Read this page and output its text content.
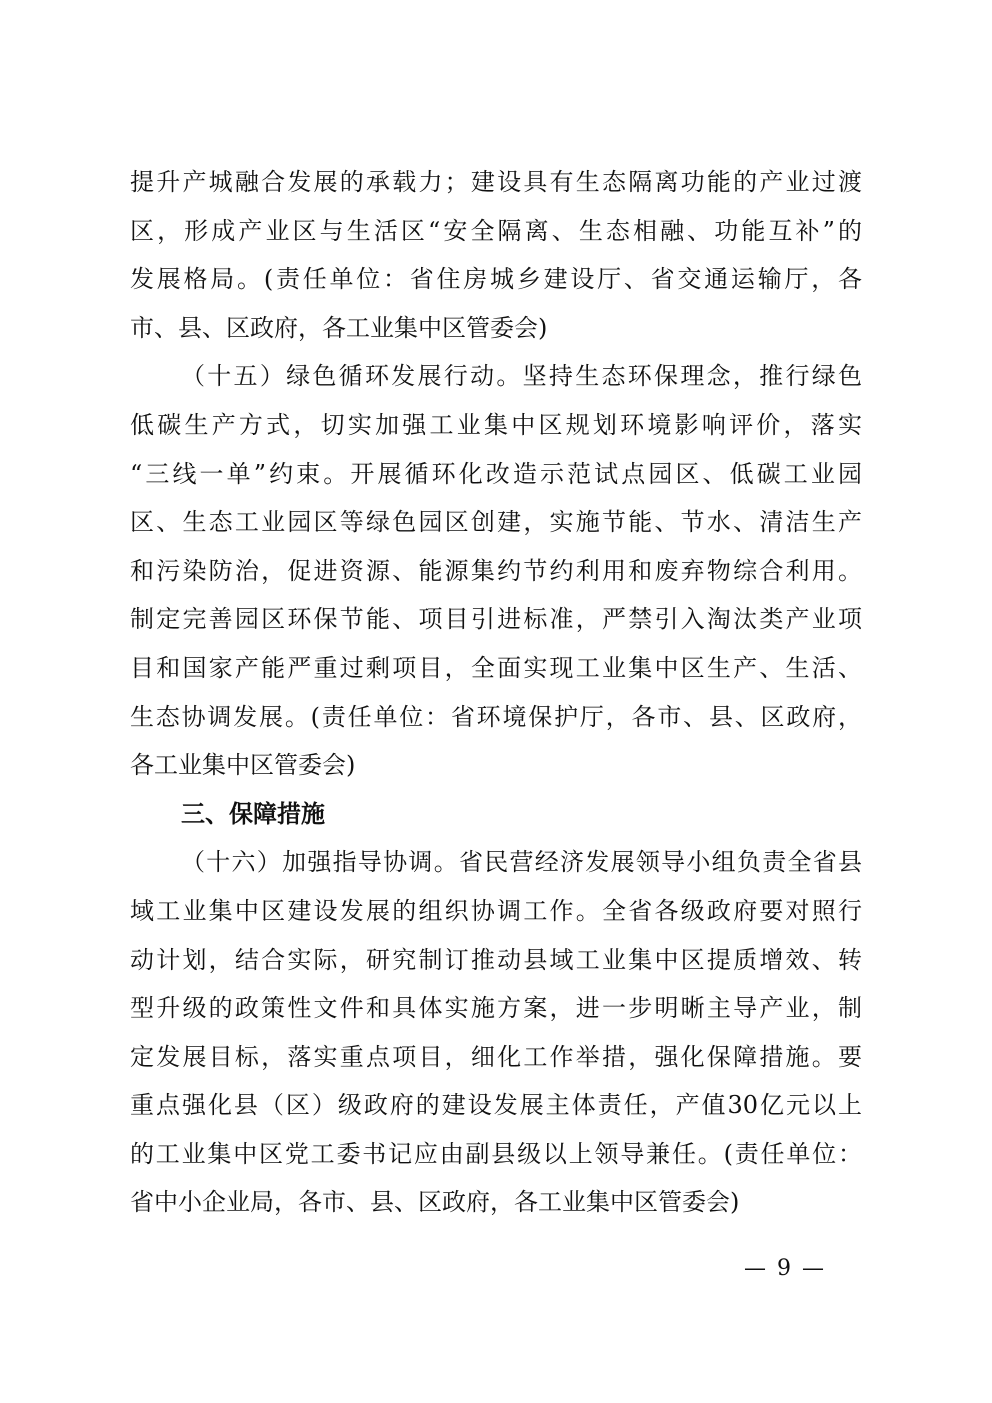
提升产城融合发展的承载力；建设具有生态隔离功能的产业过渡
区，形成产业区与生活区“安全隔离、生态相融、功能互补”的
发展格局。(责任单位：省住房城乡建设厅、省交通运输厅，各
市、县、区政府，各工业集中区管委会)
（十五）绿色循环发展行动。坚持生态环保理念，推行绿色
低碳生产方式，切实加强工业集中区规划环境影响评价，落实
“三线一单”约束。开展循环化改造示范试点园区、低碳工业园
区、生态工业园区等绿色园区创建，实施节能、节水、清洁生产
和污染防治，促进资源、能源集约节约利用和废弃物综合利用。
制定完善园区环保节能、项目引进标准，严禁引入淘汰类产业项
目和国家产能严重过剩项目，全面实现工业集中区生产、生活、
生态协调发展。(责任单位：省环境保护厅，各市、县、区政府，
各工业集中区管委会)
三、保障措施
（十六）加强指导协调。省民营经济发展领导小组负责全省县
域工业集中区建设发展的组织协调工作。全省各级政府要对照行
动计划，结合实际，研究制订推动县域工业集中区提质增效、转
型升级的政策性文件和具体实施方案，进一步明晰主导产业，制
定发展目标，落实重点项目，细化工作举措，强化保障措施。要
重点强化县（区）级政府的建设发展主体责任，产值30亿元以上
的工业集中区党工委书记应由副县级以上领导兼任。(责任单位：
省中小企业局，各市、县、区政府，各工业集中区管委会)
— 9 —
